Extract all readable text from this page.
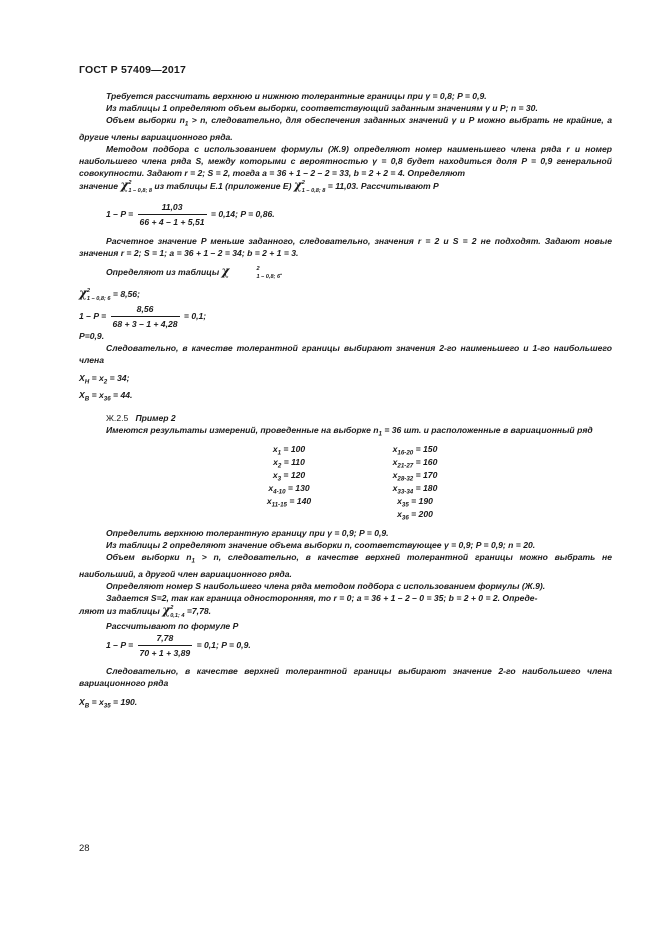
ГОСТ Р 57409—2017

Требуется рассчитать верхнюю и нижнюю толерантные границы при γ = 0,8; P = 0,9.

Из таблицы 1 определяют объем выборки, соответствующий заданным значениям γ и P; n = 30.

Объем выборки $n_1 > n$, следовательно, для обеспечения заданных значений γ и P можно выбрать не крайние, а другие члены вариационного ряда.

Методом подбора с использованием формулы (Ж.9) определяют номер наименьшего члена ряда r и номер наибольшего члена ряда S, между которыми с вероятностью γ = 0,8 будет находиться доля P = 0,9 генеральной совокупности. Задают r = 2; S = 2, тогда a = 36 + 1 – 2 – 2 = 33, b = 2 + 2 = 4. Определяют

значение χ 2
1 – 0,8; 8 из таблицы Е.1 (приложение Е) χ 2
1 – 0,8; 8 = 11,03. Рассчитывают P

$1 - P = \frac{11,03}{66 + 4 - 1 + 5,51} = 0,14$; P = 0,86.

Расчетное значение P меньше заданного, следовательно, значения r = 2 и S = 2 не подходят. Задают новые значения r = 2; S = 1; a = 36 + 1 – 2 = 34; b = 2 + 1 = 3.

Определяют из таблицы χ	2
1 – 0,8; 6 .

χ 2
1 – 0,8; 6 = 8,56;

$1 - P = \frac{8,56}{68 + 3 - 1 + 4,28} = 0,1$;

P=0,9.

Следовательно, в качестве толерантной границы выбирают значения 2-го наименьшего и 1-го наибольшего члена

$X_H = x_2 = 34$;

$X_B = x_{36} = 44$.

Ж.2.5 Пример 2

Имеются результаты измерений, проведенные на выборке $n_1 = 36$ шт. и расположенные в вариационный ряд

$x_1 = 100$
$x_2 = 110$
$x_3 = 120$
$x_{4-10} = 130$
$x_{11-15} = 140$
$x_{16-20} = 150$
$x_{21-27} = 160$
$x_{28-32} = 170$
$x_{33-34} = 180$
$x_{35} = 190$
$x_{36} = 200$

Определить верхнюю толерантную границу при γ = 0,9; P = 0,9.

Из таблицы 2 определяют значение объема выборки n, соответствующее γ = 0,9; P = 0,9; n = 20.

Объем выборки $n_1 > n$, следовательно, в качестве верхней толерантной границы можно выбрать не наибольший, а другой член вариационного ряда.

Определяют номер S наибольшего члена ряда методом подбора с использованием формулы (Ж.9).

Задается S=2, так как граница односторонняя, то r = 0; a = 36 + 1 – 2 – 0 = 35; b = 2 + 0 = 2. Опреде-

ляют из таблицы χ 2
0,1; 4 =7,78.

Рассчитывают по формуле P

$1 - P = \frac{7,78}{70 + 1 + 3,89} = 0,1$; P = 0,9.

Следовательно, в качестве верхней толерантной границы выбирают значение 2-го наибольшего члена вариационного ряда

$X_B = x_{35} = 190$.

28
